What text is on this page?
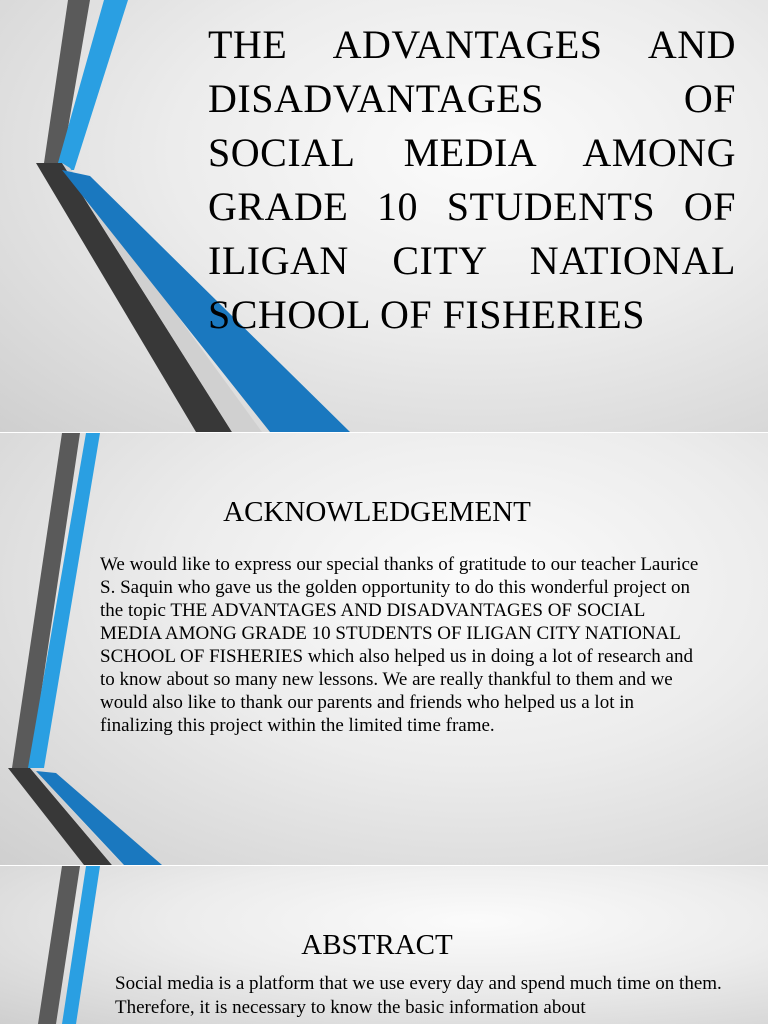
THE ADVANTAGES AND DISADVANTAGES OF SOCIAL MEDIA AMONG GRADE 10 STUDENTS OF ILIGAN CITY NATIONAL SCHOOL OF FISHERIES
ACKNOWLEDGEMENT
We would like to express our special thanks of gratitude to our teacher Laurice S. Saquin who gave us the golden opportunity to do this wonderful project on the topic THE ADVANTAGES AND DISADVANTAGES OF SOCIAL MEDIA AMONG GRADE 10 STUDENTS OF ILIGAN CITY NATIONAL SCHOOL OF FISHERIES which also helped us in doing a lot of research and to know about so many new lessons. We are really thankful to them and we would also like to thank our parents and friends who helped us a lot in finalizing this project within the limited time frame.
ABSTRACT
Social media is a platform that we use every day and spend much time on them. Therefore, it is necessary to know the basic information about
